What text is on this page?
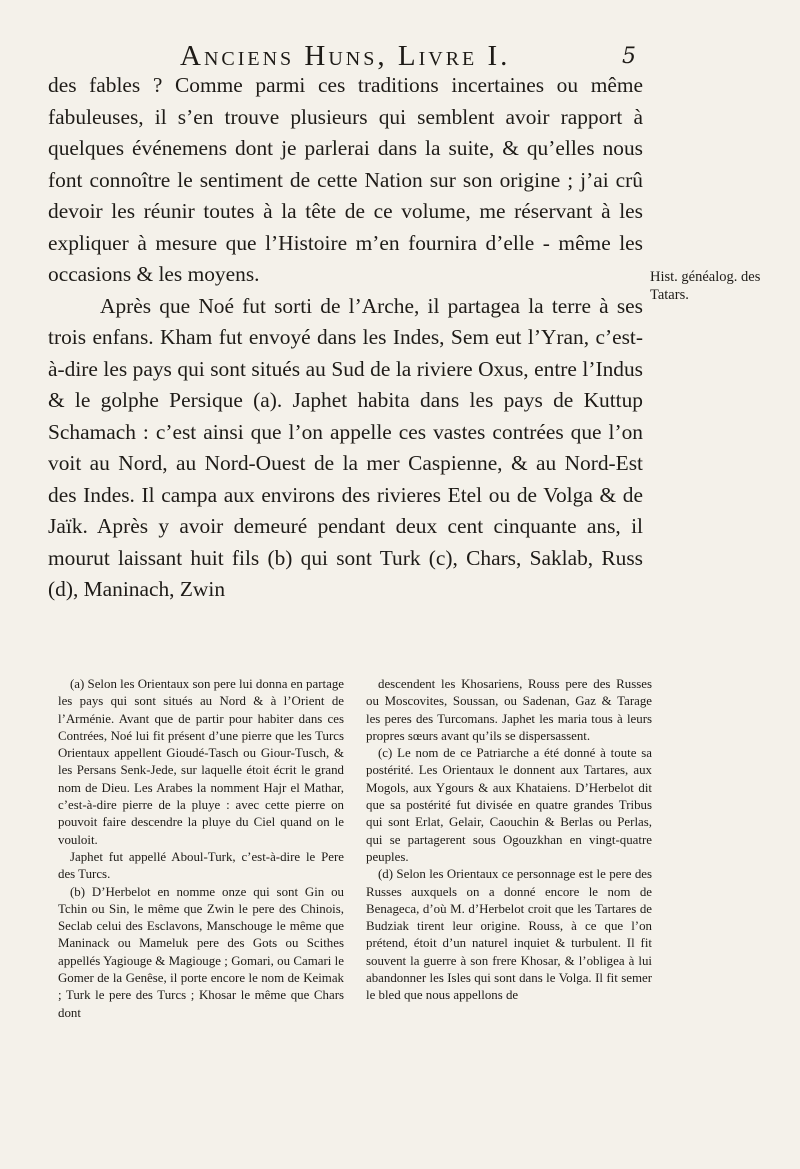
Anciens Huns, Livre I.	5

des fables ? Comme parmi ces traditions incertaines ou même fabuleuses, il s’en trouve plusieurs qui semblent avoir rapport à quelques événemens dont je parlerai dans la suite, & qu’elles nous font connoître le sentiment de cette Nation sur son origine ; j’ai crû devoir les réunir toutes à la tête de ce volume, me réservant à les expliquer à mesure que l’Histoire m’en fournira d’elle - même les occasions & les moyens.

Après que Noé fut sorti de l’Arche, il partagea la terre à ses trois enfans. Kham fut envoyé dans les Indes, Sem eut l’Yran, c’est-à-dire les pays qui sont situés au Sud de la riviere Oxus, entre l’Indus & le golphe Persique (a). Japhet habita dans les pays de Kuttup Schamach : c’est ainsi que l’on appelle ces vastes contrées que l’on voit au Nord, au Nord-Ouest de la mer Caspienne, & au Nord-Est des Indes. Il campa aux environs des rivieres Etel ou de Volga & de Jaïk. Après y avoir demeuré pendant deux cent cinquante ans, il mourut laissant huit fils (b) qui sont Turk (c), Chars, Saklab, Russ (d), Maninach, Zwin

Hist. généalog. des Tatars.

(a) Selon les Orientaux son pere lui donna en partage les pays qui sont situés au Nord & à l’Orient de l’Arménie. Avant que de partir pour habiter dans ces Contrées, Noé lui fit présent d’une pierre que les Turcs Orientaux appellent Gioudé-Tasch ou Giour-Tusch, & les Persans Senk-Jede, sur laquelle étoit écrit le grand nom de Dieu. Les Arabes la nomment Hajr el Mathar, c’est-à-dire pierre de la pluye : avec cette pierre on pouvoit faire descendre la pluye du Ciel quand on le vouloit.

Japhet fut appellé Aboul-Turk, c’est-à-dire le Pere des Turcs.

(b) D’Herbelot en nomme onze qui sont Gin ou Tchin ou Sin, le même que Zwin le pere des Chinois, Seclab celui des Esclavons, Manschouge le même que Maninack ou Mameluk pere des Gots ou Scithes appellés Yagiouge & Magiouge ; Gomari, ou Camari le Gomer de la Genêse, il porte encore le nom de Keimak ; Turk le pere des Turcs ; Khosar le même que Chars dont

descendent les Khosariens, Rouss pere des Russes ou Moscovites, Soussan, ou Sadenan, Gaz & Tarage les peres des Turcomans. Japhet les maria tous à leurs propres sœurs avant qu’ils se dispersassent.

(c) Le nom de ce Patriarche a été donné à toute sa postérité. Les Orientaux le donnent aux Tartares, aux Mogols, aux Ygours & aux Khataiens. D’Herbelot dit que sa postérité fut divisée en quatre grandes Tribus qui sont Erlat, Gelair, Caouchin & Berlas ou Perlas, qui se partagerent sous Ogouzkhan en vingt-quatre peuples.

(d) Selon les Orientaux ce personnage est le pere des Russes auxquels on a donné encore le nom de Benageca, d’où M. d’Herbelot croit que les Tartares de Budziak tirent leur origine. Rouss, à ce que l’on prétend, étoit d’un naturel inquiet & turbulent. Il fit souvent la guerre à son frere Khosar, & l’obligea à lui abandonner les Isles qui sont dans le Volga. Il fit semer le bled que nous appellons de
